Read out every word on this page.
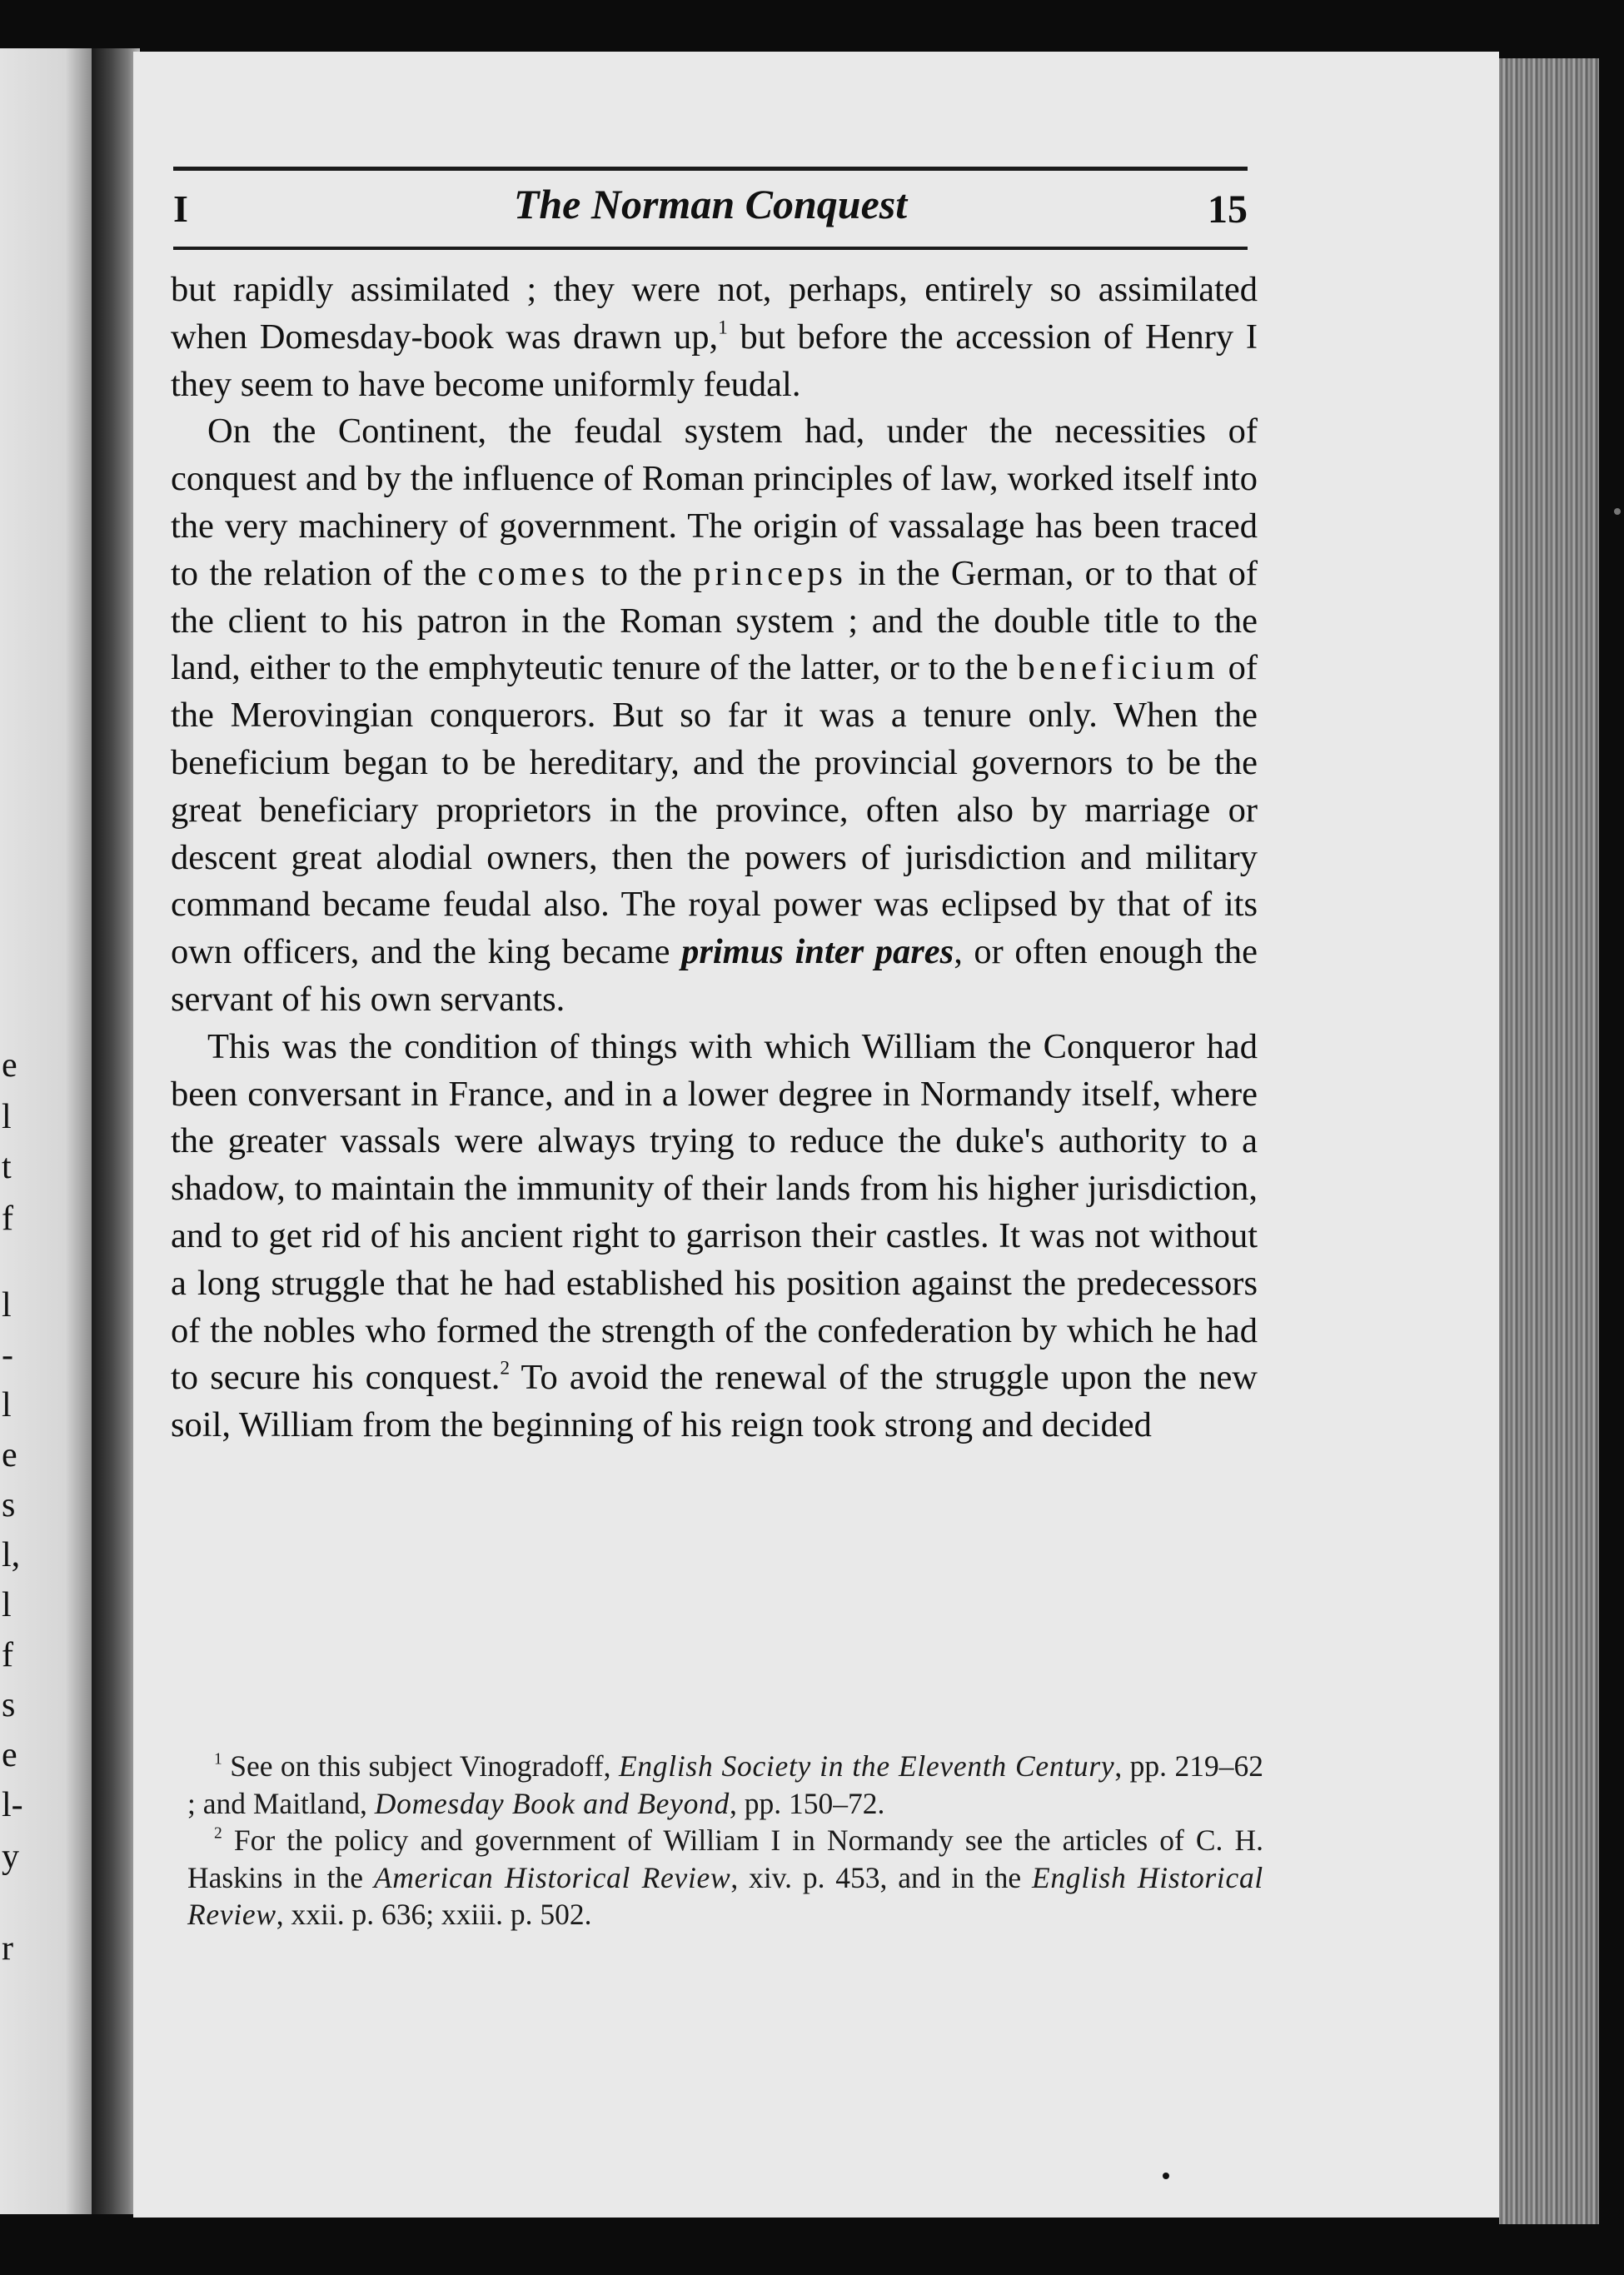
e
l
t
f
l
-
l
e
s
l,
l
f
s
e
l-
y
r
I	The Norman Conquest	15

but rapidly assimilated ; they were not, perhaps, entirely so assimilated when Domesday-book was drawn up,$^1$ but before the accession of Henry I they seem to have become uniformly feudal.

On the Continent, the feudal system had, under the necessities of conquest and by the influence of Roman principles of law, worked itself into the very machinery of government. The origin of vassalage has been traced to the relation of the comes to the princeps in the German, or to that of the client to his patron in the Roman system ; and the double title to the land, either to the emphyteutic tenure of the latter, or to the beneficium of the Merovingian conquerors. But so far it was a tenure only. When the beneficium began to be hereditary, and the provincial governors to be the great beneficiary proprietors in the province, often also by marriage or descent great alodial owners, then the powers of jurisdiction and military command became feudal also. The royal power was eclipsed by that of its own officers, and the king became primus inter pares, or often enough the servant of his own servants.

This was the condition of things with which William the Conqueror had been conversant in France, and in a lower degree in Normandy itself, where the greater vassals were always trying to reduce the duke's authority to a shadow, to maintain the immunity of their lands from his higher jurisdiction, and to get rid of his ancient right to garrison their castles. It was not without a long struggle that he had established his position against the predecessors of the nobles who formed the strength of the confederation by which he had to secure his conquest.$^2$ To avoid the renewal of the struggle upon the new soil, William from the beginning of his reign took strong and decided

$^1$ See on this subject Vinogradoff, English Society in the Eleventh Century, pp. 219–62 ; and Maitland, Domesday Book and Beyond, pp. 150–72.

$^2$ For the policy and government of William I in Normandy see the articles of C. H. Haskins in the American Historical Review, xiv. p. 453, and in the English Historical Review, xxii. p. 636; xxiii. p. 502.
